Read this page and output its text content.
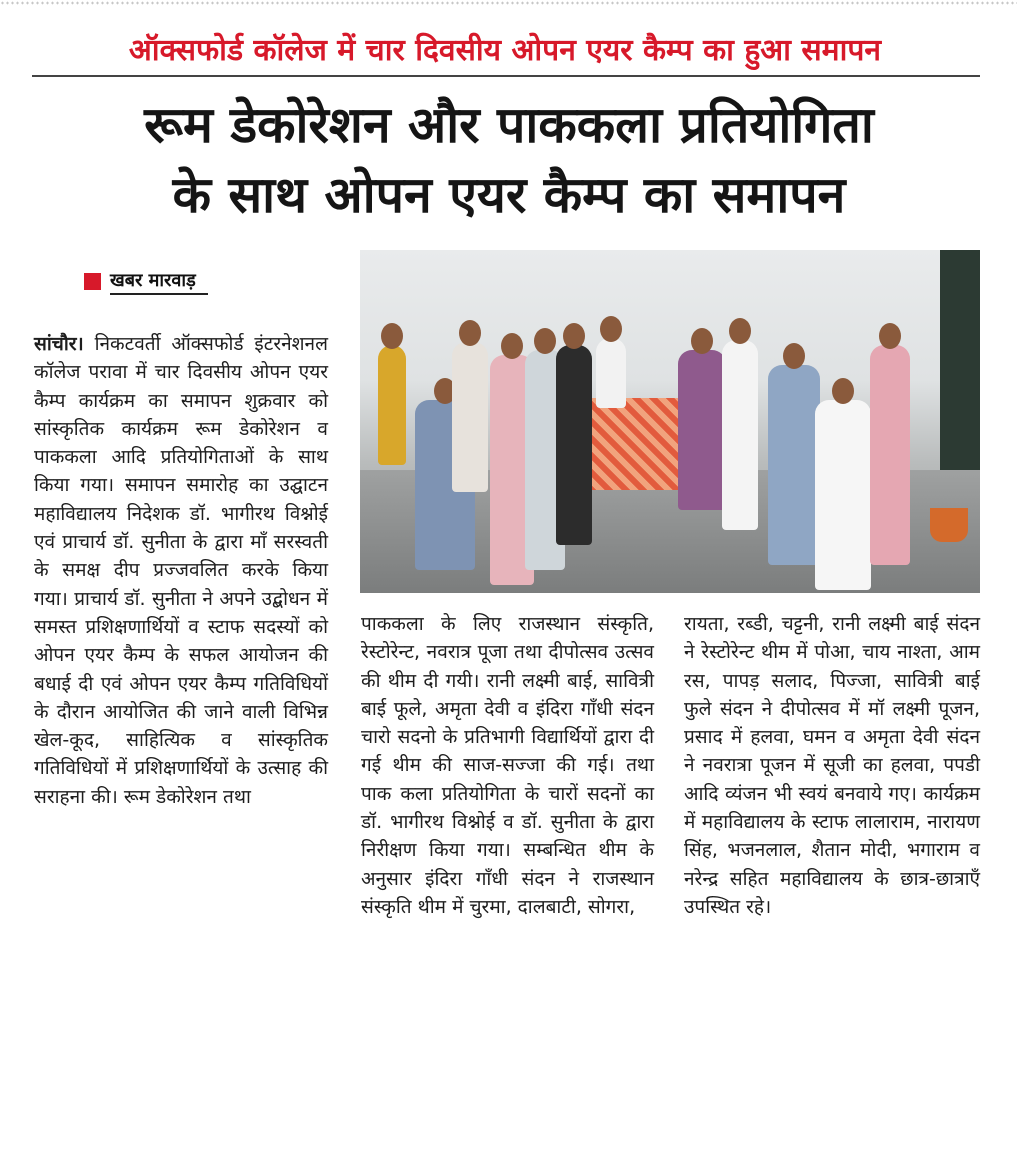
ऑक्सफोर्ड कॉलेज में चार दिवसीय ओपन एयर कैम्प का हुआ समापन
रूम डेकोरेशन और पाककला प्रतियोगिता
के साथ ओपन एयर कैम्प का समापन
खबर मारवाड़

सांचौर। निकटवर्ती ऑक्सफोर्ड इंटरनेशनल कॉलेज परावा में चार दिवसीय ओपन एयर कैम्प कार्यक्रम का समापन शुक्रवार को सांस्कृतिक कार्यक्रम रूम डेकोरेशन व पाककला आदि प्रतियोगिताओं के साथ किया गया। समापन समारोह का उद्घाटन महाविद्यालय निदेशक डॉ. भागीरथ विश्नोई एवं प्राचार्य डॉ. सुनीता के द्वारा माँ सरस्वती के समक्ष दीप प्रज्जवलित करके किया गया। प्राचार्य डॉ. सुनीता ने अपने उद्बोधन में समस्त प्रशिक्षणार्थियों व स्टाफ सदस्यों को ओपन एयर कैम्प के सफल आयोजन की बधाई दी एवं ओपन एयर कैम्प गतिविधियों के दौरान आयोजित की जाने वाली विभिन्न खेल-कूद, साहित्यिक व सांस्कृतिक गतिविधियों में प्रशिक्षणार्थियों के उत्साह की सराहना की। रूम डेकोरेशन तथा

पाककला के लिए राजस्थान संस्कृति, रेस्टोरेन्ट, नवरात्र पूजा तथा दीपोत्सव उत्सव की थीम दी गयी। रानी लक्ष्मी बाई, सावित्री बाई फूले, अमृता देवी व इंदिरा गाँधी संदन चारो सदनो के प्रतिभागी विद्यार्थियों द्वारा दी गई थीम की साज-सज्जा की गई। तथा पाक कला प्रतियोगिता के चारों सदनों का डॉ. भागीरथ विश्नोई व डॉ. सुनीता के द्वारा निरीक्षण किया गया। सम्बन्धित थीम के अनुसार इंदिरा गाँधी संदन ने राजस्थान संस्कृति थीम में चुरमा, दालबाटी, सोगरा,

रायता, रब्डी, चट्टनी, रानी लक्ष्मी बाई संदन ने रेस्टोरेन्ट थीम में पोआ, चाय नाश्ता, आम रस, पापड़ सलाद, पिज्जा, सावित्री बाई फुले संदन ने दीपोत्सव में मॉ लक्ष्मी पूजन, प्रसाद में हलवा, घमन व अमृता देवी संदन ने नवरात्रा पूजन में सूजी का हलवा, पपडी आदि व्यंजन भी स्वयं बनवाये गए। कार्यक्रम में महाविद्यालय के स्टाफ लालाराम, नारायण सिंह, भजनलाल, शैतान मोदी, भगाराम व नरेन्द्र सहित महाविद्यालय के छात्र-छात्राएँ उपस्थित रहे।
